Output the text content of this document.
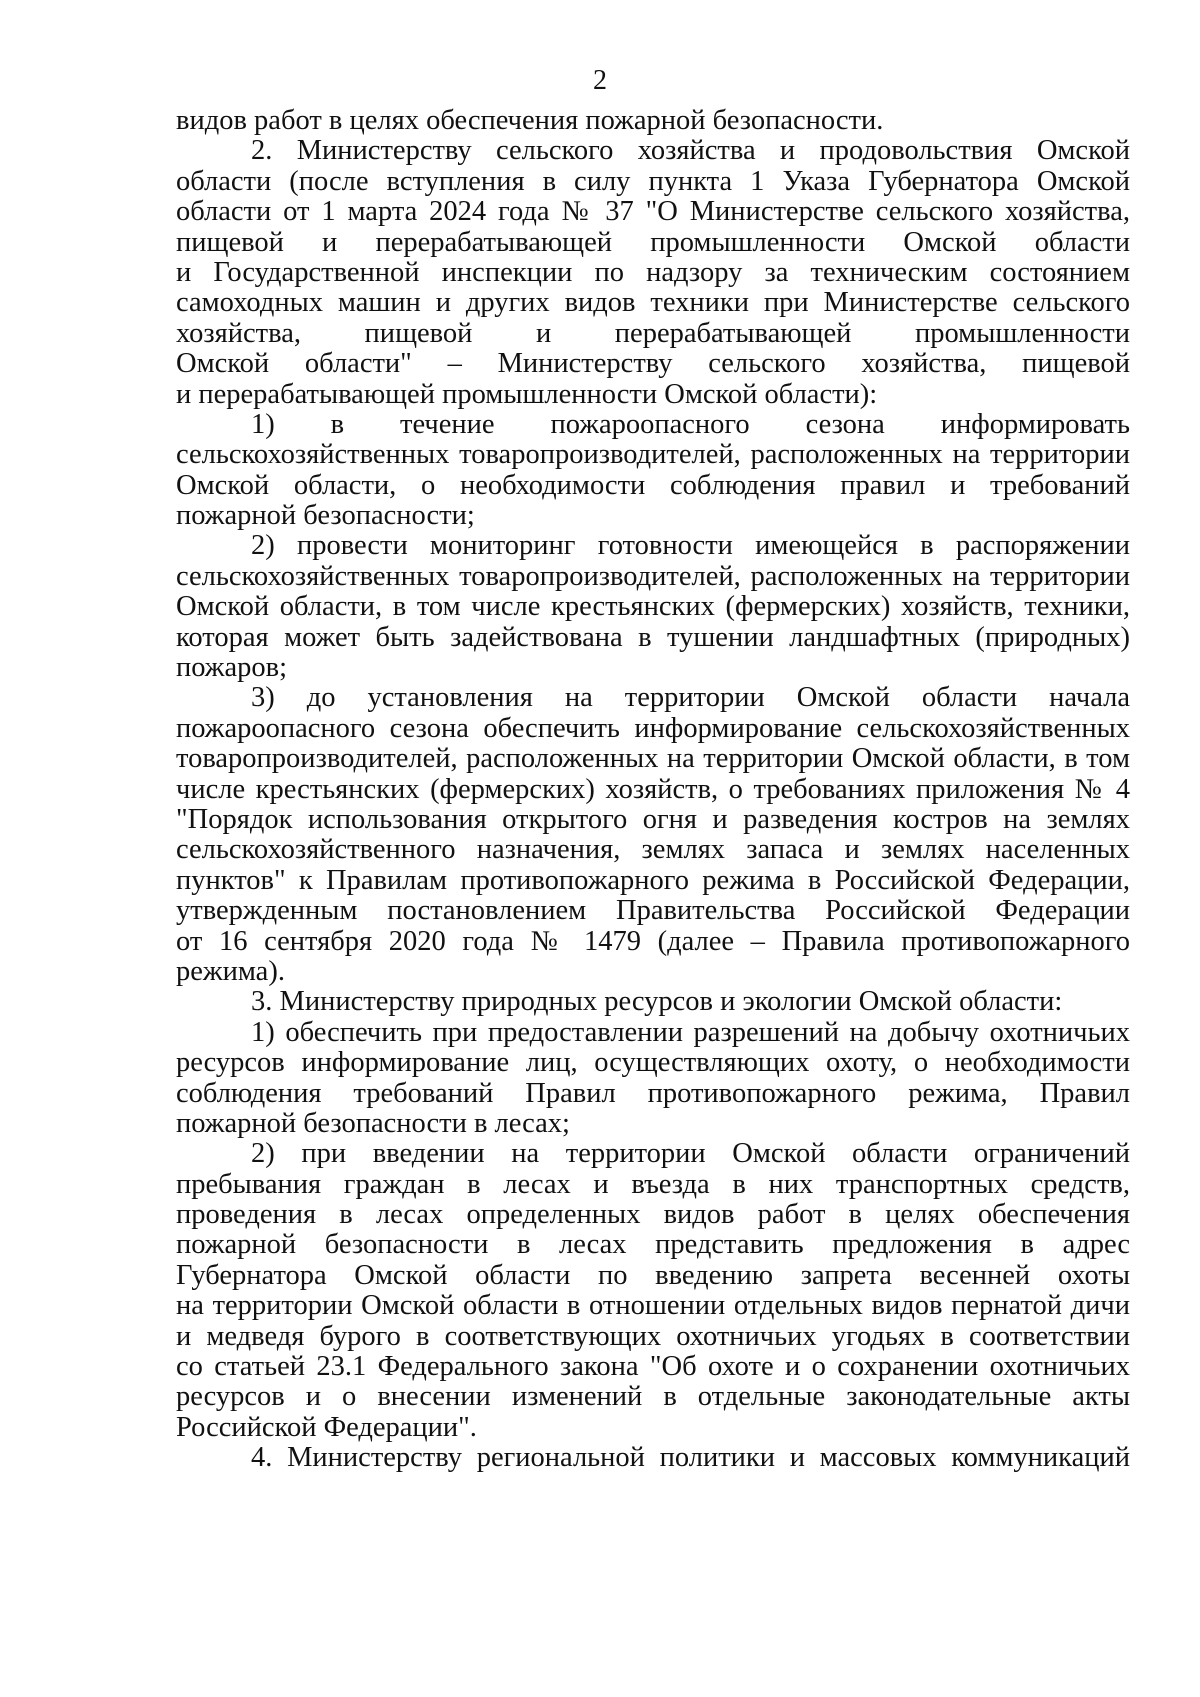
2
видов работ в целях обеспечения пожарной безопасности.
2. Министерству сельского хозяйства и продовольствия Омской
области (после вступления в силу пункта 1 Указа Губернатора Омской
области от 1 марта 2024 года № 37 "О Министерстве сельского хозяйства,
пищевой и перерабатывающей промышленности Омской области
и Государственной инспекции по надзору за техническим состоянием
самоходных машин и других видов техники при Министерстве сельского
хозяйства, пищевой и перерабатывающей промышленности
Омской области" – Министерству сельского хозяйства, пищевой
и перерабатывающей промышленности Омской области):
1) в течение пожароопасного сезона информировать
сельскохозяйственных товаропроизводителей, расположенных на территории
Омской области, о необходимости соблюдения правил и требований
пожарной безопасности;
2) провести мониторинг готовности имеющейся в распоряжении
сельскохозяйственных товаропроизводителей, расположенных на территории
Омской области, в том числе крестьянских (фермерских) хозяйств, техники,
которая может быть задействована в тушении ландшафтных (природных)
пожаров;
3) до установления на территории Омской области начала
пожароопасного сезона обеспечить информирование сельскохозяйственных
товаропроизводителей, расположенных на территории Омской области, в том
числе крестьянских (фермерских) хозяйств, о требованиях приложения № 4
"Порядок использования открытого огня и разведения костров на землях
сельскохозяйственного назначения, землях запаса и землях населенных
пунктов" к Правилам противопожарного режима в Российской Федерации,
утвержденным постановлением Правительства Российской Федерации
от 16 сентября 2020 года № 1479 (далее – Правила противопожарного
режима).
3. Министерству природных ресурсов и экологии Омской области:
1) обеспечить при предоставлении разрешений на добычу охотничьих
ресурсов информирование лиц, осуществляющих охоту, о необходимости
соблюдения требований Правил противопожарного режима, Правил
пожарной безопасности в лесах;
2) при введении на территории Омской области ограничений
пребывания граждан в лесах и въезда в них транспортных средств,
проведения в лесах определенных видов работ в целях обеспечения
пожарной безопасности в лесах представить предложения в адрес
Губернатора Омской области по введению запрета весенней охоты
на территории Омской области в отношении отдельных видов пернатой дичи
и медведя бурого в соответствующих охотничьих угодьях в соответствии
со статьей 23.1 Федерального закона "Об охоте и о сохранении охотничьих
ресурсов и о внесении изменений в отдельные законодательные акты
Российской Федерации".
4. Министерству региональной политики и массовых коммуникаций
